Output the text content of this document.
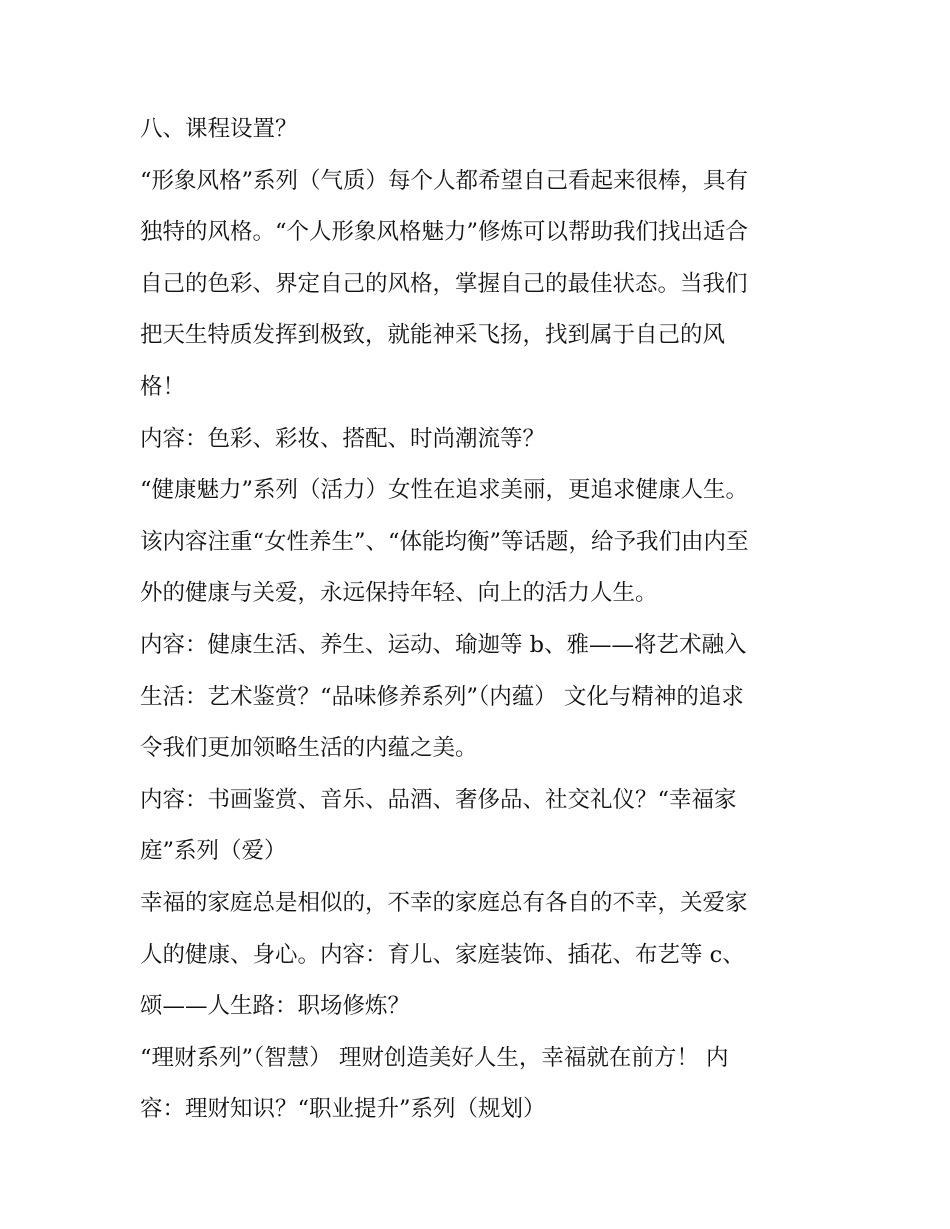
八、课程设置？
“形象风格”系列（气质）每个人都希望自己看起来很棒，具有
独特的风格。“个人形象风格魅力”修炼可以帮助我们找出适合
自己的色彩、界定自己的风格，掌握自己的最佳状态。当我们
把天生特质发挥到极致，就能神采飞扬，找到属于自己的风
格！
内容：色彩、彩妆、搭配、时尚潮流等？
“健康魅力”系列（活力）女性在追求美丽，更追求健康人生。
该内容注重“女性养生”、“体能均衡”等话题，给予我们由内至
外的健康与关爱，永远保持年轻、向上的活力人生。
内容：健康生活、养生、运动、瑜迦等 b、雅——将艺术融入
生活：艺术鉴赏？“品味修养系列”（内蕴） 文化与精神的追求
令我们更加领略生活的内蕴之美。
内容：书画鉴赏、音乐、品酒、奢侈品、社交礼仪？“幸福家
庭”系列（爱）
幸福的家庭总是相似的，不幸的家庭总有各自的不幸，关爱家
人的健康、身心。内容：育儿、家庭装饰、插花、布艺等 c、
颂——人生路：职场修炼？
“理财系列”（智慧） 理财创造美好人生，幸福就在前方！ 内
容：理财知识？“职业提升”系列（规划）
